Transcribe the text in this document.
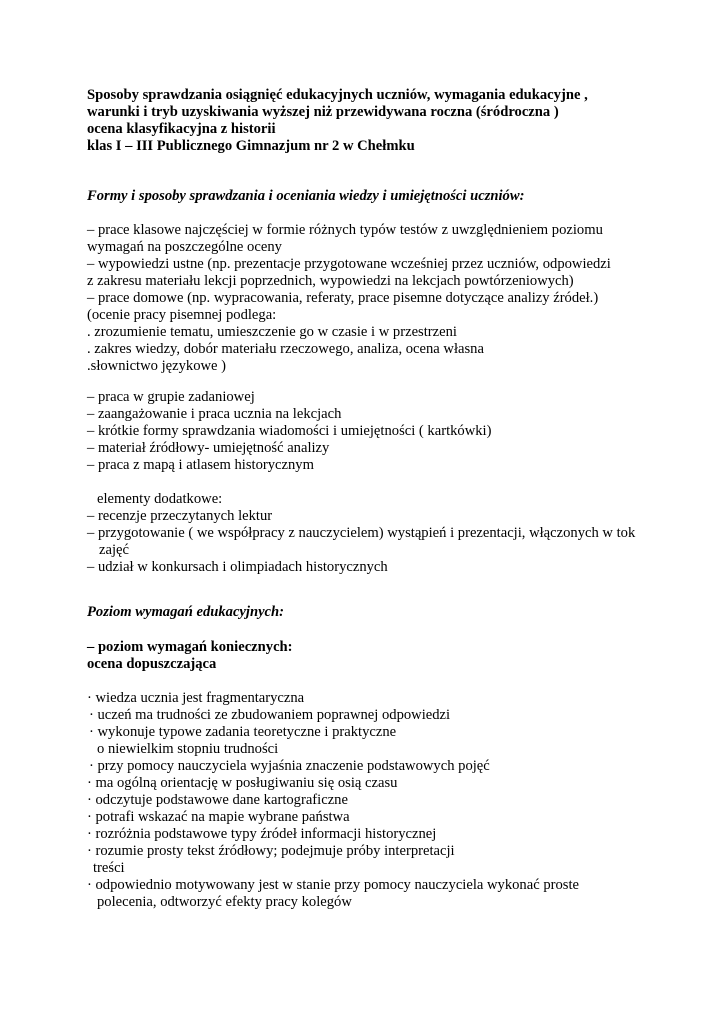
Sposoby sprawdzania osiągnięć edukacyjnych uczniów, wymagania edukacyjne ,
warunki i tryb uzyskiwania wyższej niż przewidywana roczna (śródroczna )
ocena klasyfikacyjna z historii
klas I – III Publicznego Gimnazjum nr 2 w Chełmku
Formy i sposoby sprawdzania i oceniania wiedzy i umiejętności uczniów:
– prace klasowe najczęściej w formie różnych typów testów z uwzględnieniem poziomu
wymagań na poszczególne oceny
– wypowiedzi ustne (np. prezentacje przygotowane wcześniej przez uczniów, odpowiedzi
z zakresu materiału lekcji poprzednich, wypowiedzi na lekcjach powtórzeniowych)
– prace domowe (np. wypracowania, referaty, prace pisemne dotyczące analizy źródeł.)
(ocenie pracy pisemnej podlega:
. zrozumienie tematu, umieszczenie go w czasie i w przestrzeni
. zakres wiedzy, dobór materiału rzeczowego, analiza, ocena własna
.słownictwo językowe )
– praca w grupie zadaniowej
– zaangażowanie i praca ucznia na lekcjach
– krótkie formy sprawdzania wiadomości i umiejętności ( kartkówki)
– materiał źródłowy- umiejętność analizy
– praca z mapą i atlasem historycznym
elementy dodatkowe:
– recenzje przeczytanych lektur
– przygotowanie ( we współpracy z nauczycielem) wystąpień i prezentacji, włączonych w tok
zajęć
– udział w konkursach i olimpiadach historycznych
Poziom wymagań edukacyjnych:
– poziom wymagań koniecznych:
ocena dopuszczająca
· wiedza ucznia jest fragmentaryczna
· uczeń ma trudności ze zbudowaniem poprawnej odpowiedzi
· wykonuje typowe zadania teoretyczne i praktyczne
o niewielkim stopniu trudności
· przy pomocy nauczyciela wyjaśnia znaczenie podstawowych pojęć
· ma ogólną orientację w posługiwaniu się osią czasu
· odczytuje podstawowe dane kartograficzne
· potrafi wskazać na mapie wybrane państwa
· rozróżnia podstawowe typy źródeł informacji historycznej
· rozumie prosty tekst źródłowy; podejmuje próby interpretacji
treści
· odpowiednio motywowany jest w stanie przy pomocy nauczyciela wykonać proste
polecenia, odtworzyć efekty pracy kolegów
